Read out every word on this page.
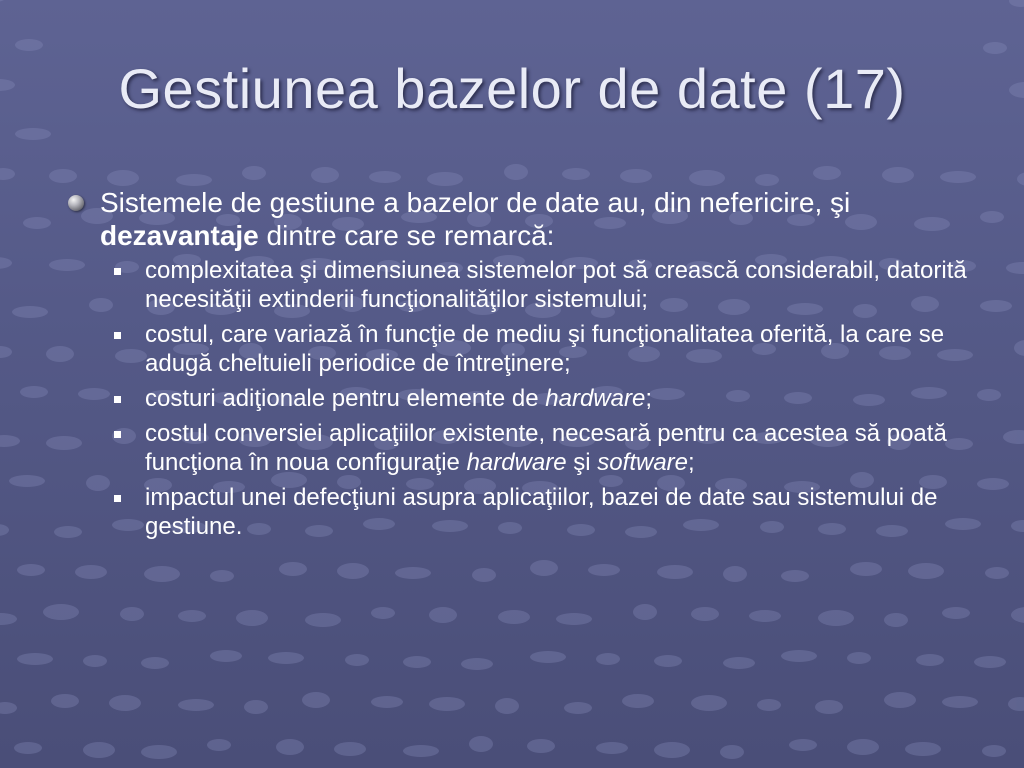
Gestiunea bazelor de date (17)
Sistemele de gestiune a bazelor de date au, din nefericire, şi dezavantaje dintre care se remarcă:
complexitatea şi dimensiunea sistemelor pot să crească considerabil, datorită necesităţii extinderii funcţionalităţilor sistemului;
costul, care variază în funcţie de mediu şi funcţionalitatea oferită, la care se adugă cheltuieli periodice de întreţinere;
costuri adiţionale pentru elemente de hardware;
costul conversiei aplicaţiilor existente, necesară pentru ca acestea să poată funcţiona în noua configuraţie hardware şi software;
impactul unei defecţiuni asupra aplicaţiilor, bazei de date sau sistemului de gestiune.
